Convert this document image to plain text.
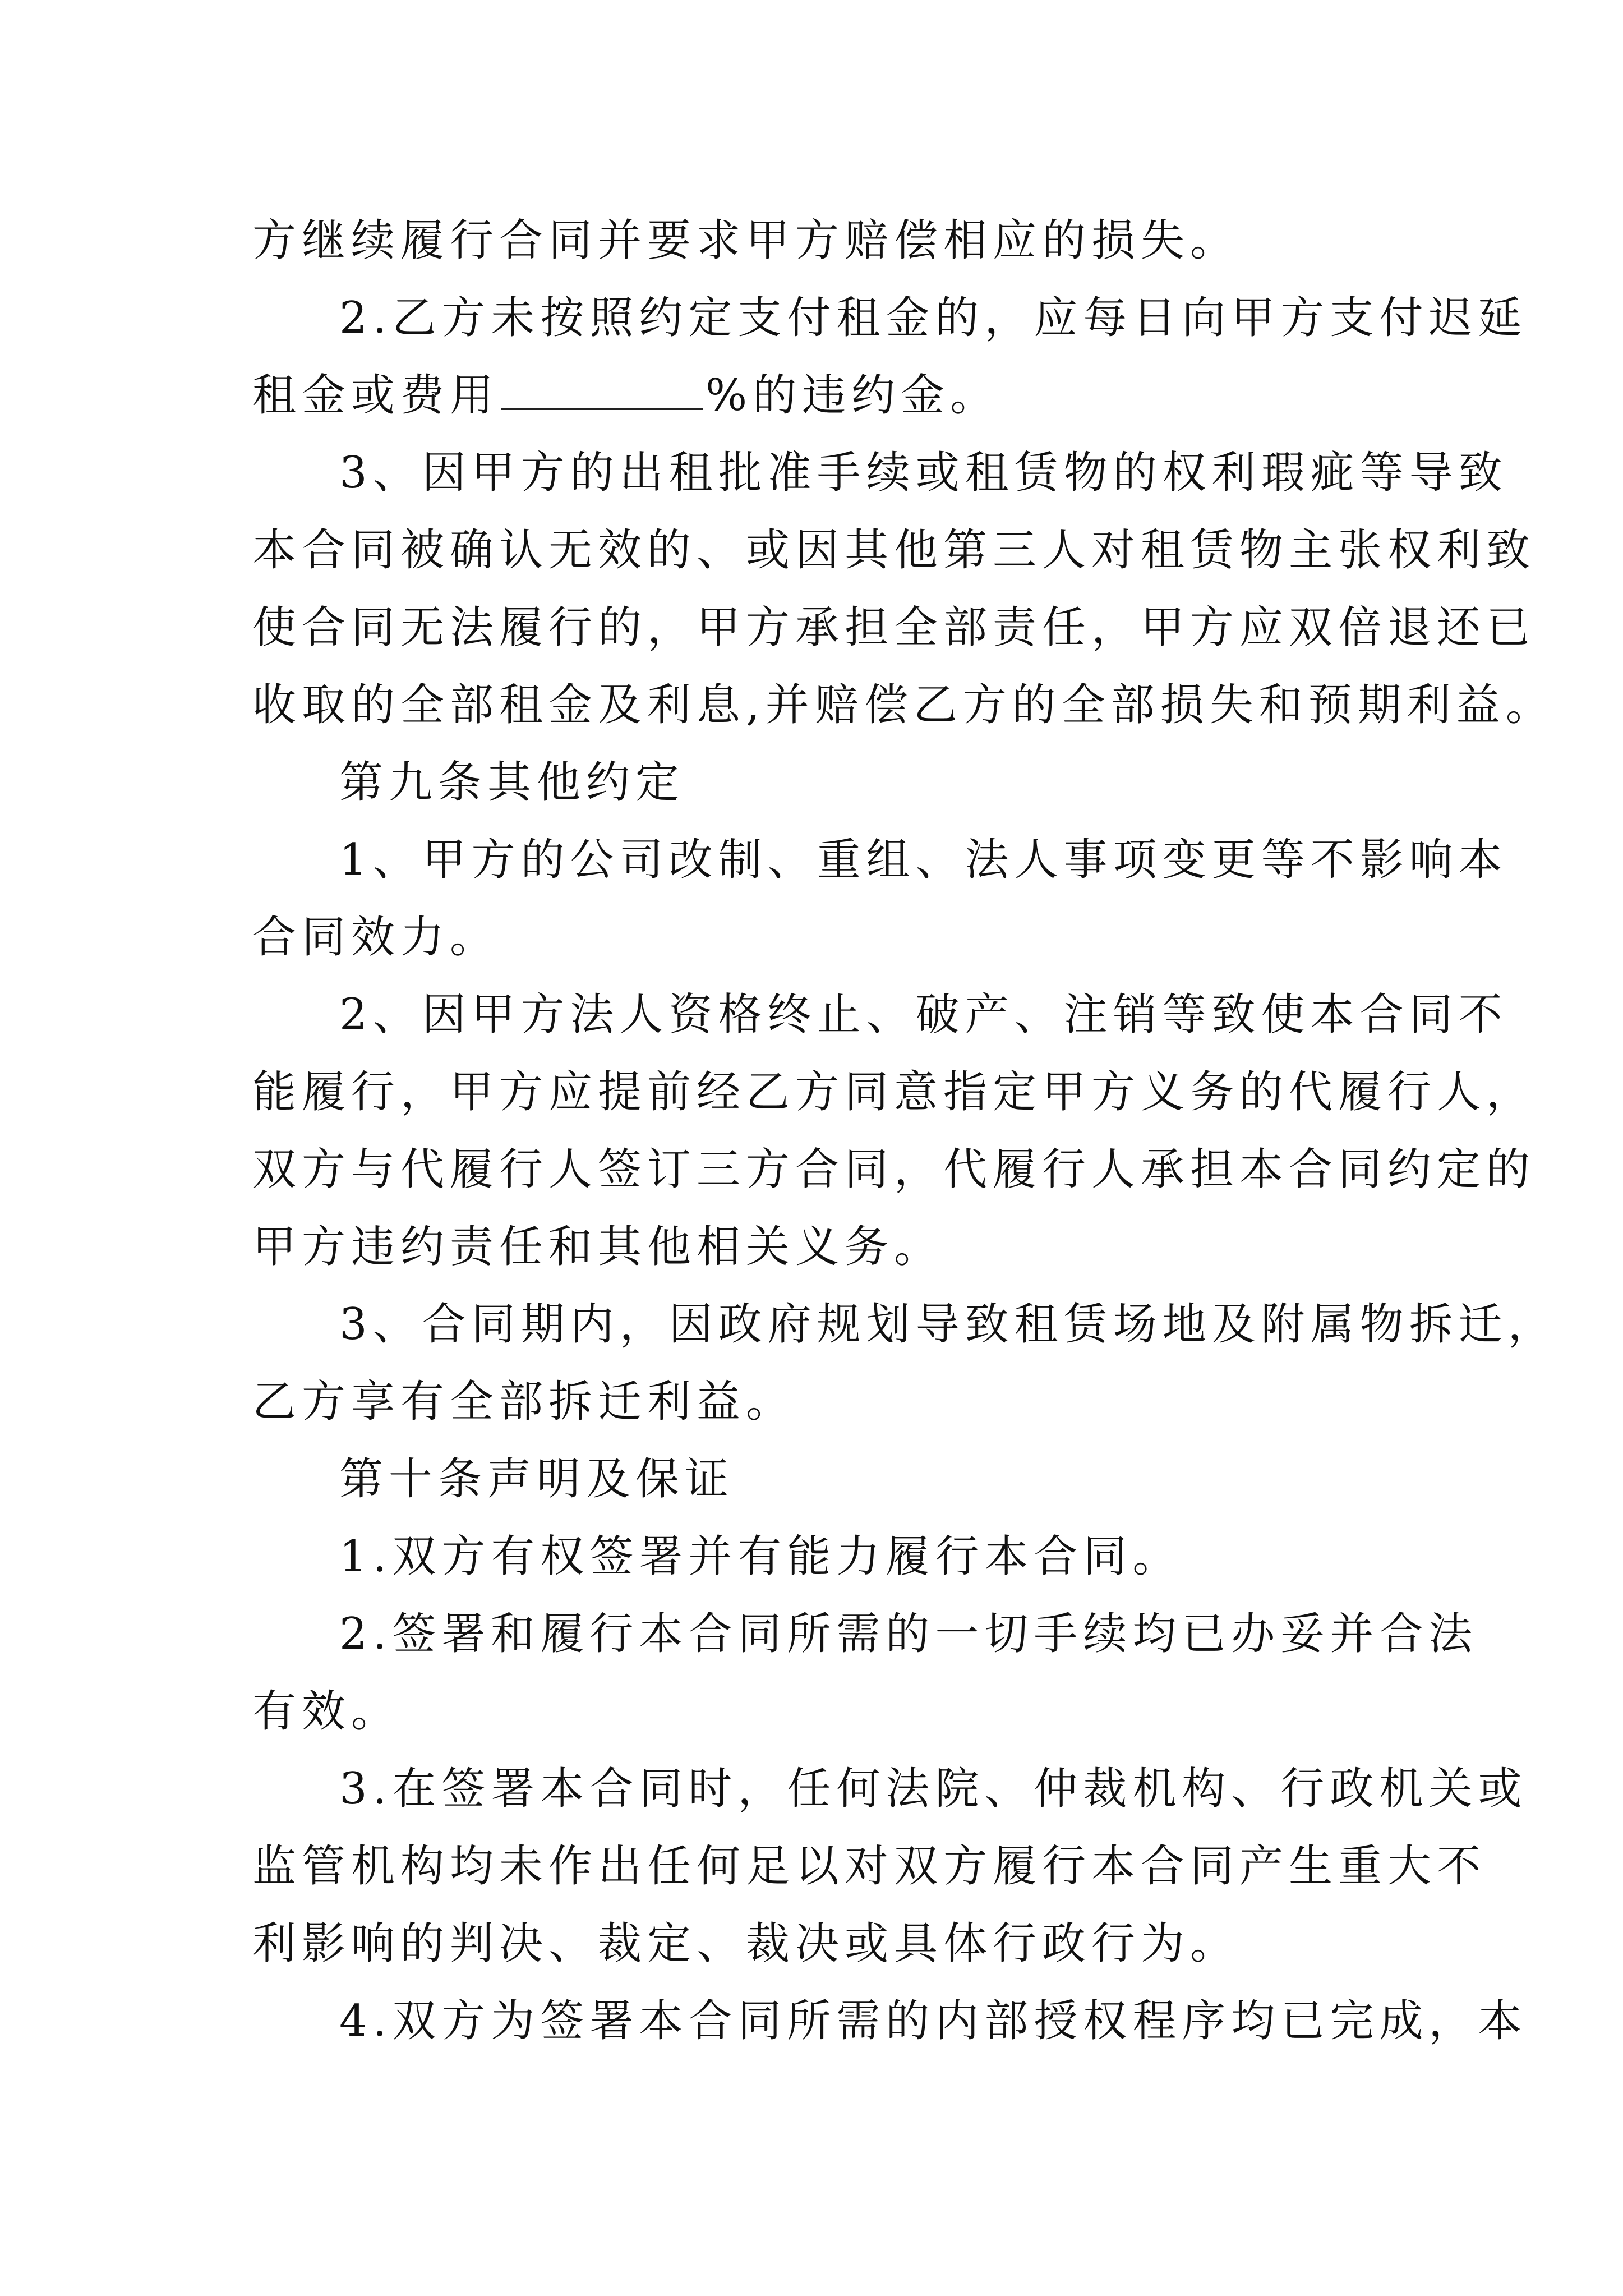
方继续履行合同并要求甲方赔偿相应的损失。
2.乙方未按照约定支付租金的，应每日向甲方支付迟延
租金或费用	%的违约金。
3、因甲方的出租批准手续或租赁物的权利瑕疵等导致
本合同被确认无效的、或因其他第三人对租赁物主张权利致
使合同无法履行的，甲方承担全部责任，甲方应双倍退还已
收取的全部租金及利息,并赔偿乙方的全部损失和预期利益。
第九条其他约定
1、甲方的公司改制、重组、法人事项变更等不影响本
合同效力。
2、因甲方法人资格终止、破产、注销等致使本合同不
能履行，甲方应提前经乙方同意指定甲方义务的代履行人，
双方与代履行人签订三方合同，代履行人承担本合同约定的
甲方违约责任和其他相关义务。
3、合同期内，因政府规划导致租赁场地及附属物拆迁，
乙方享有全部拆迁利益。
第十条声明及保证
1.双方有权签署并有能力履行本合同。
2.签署和履行本合同所需的一切手续均已办妥并合法
有效。
3.在签署本合同时，任何法院、仲裁机构、行政机关或
监管机构均未作出任何足以对双方履行本合同产生重大不
利影响的判决、裁定、裁决或具体行政行为。
4.双方为签署本合同所需的内部授权程序均已完成，本
